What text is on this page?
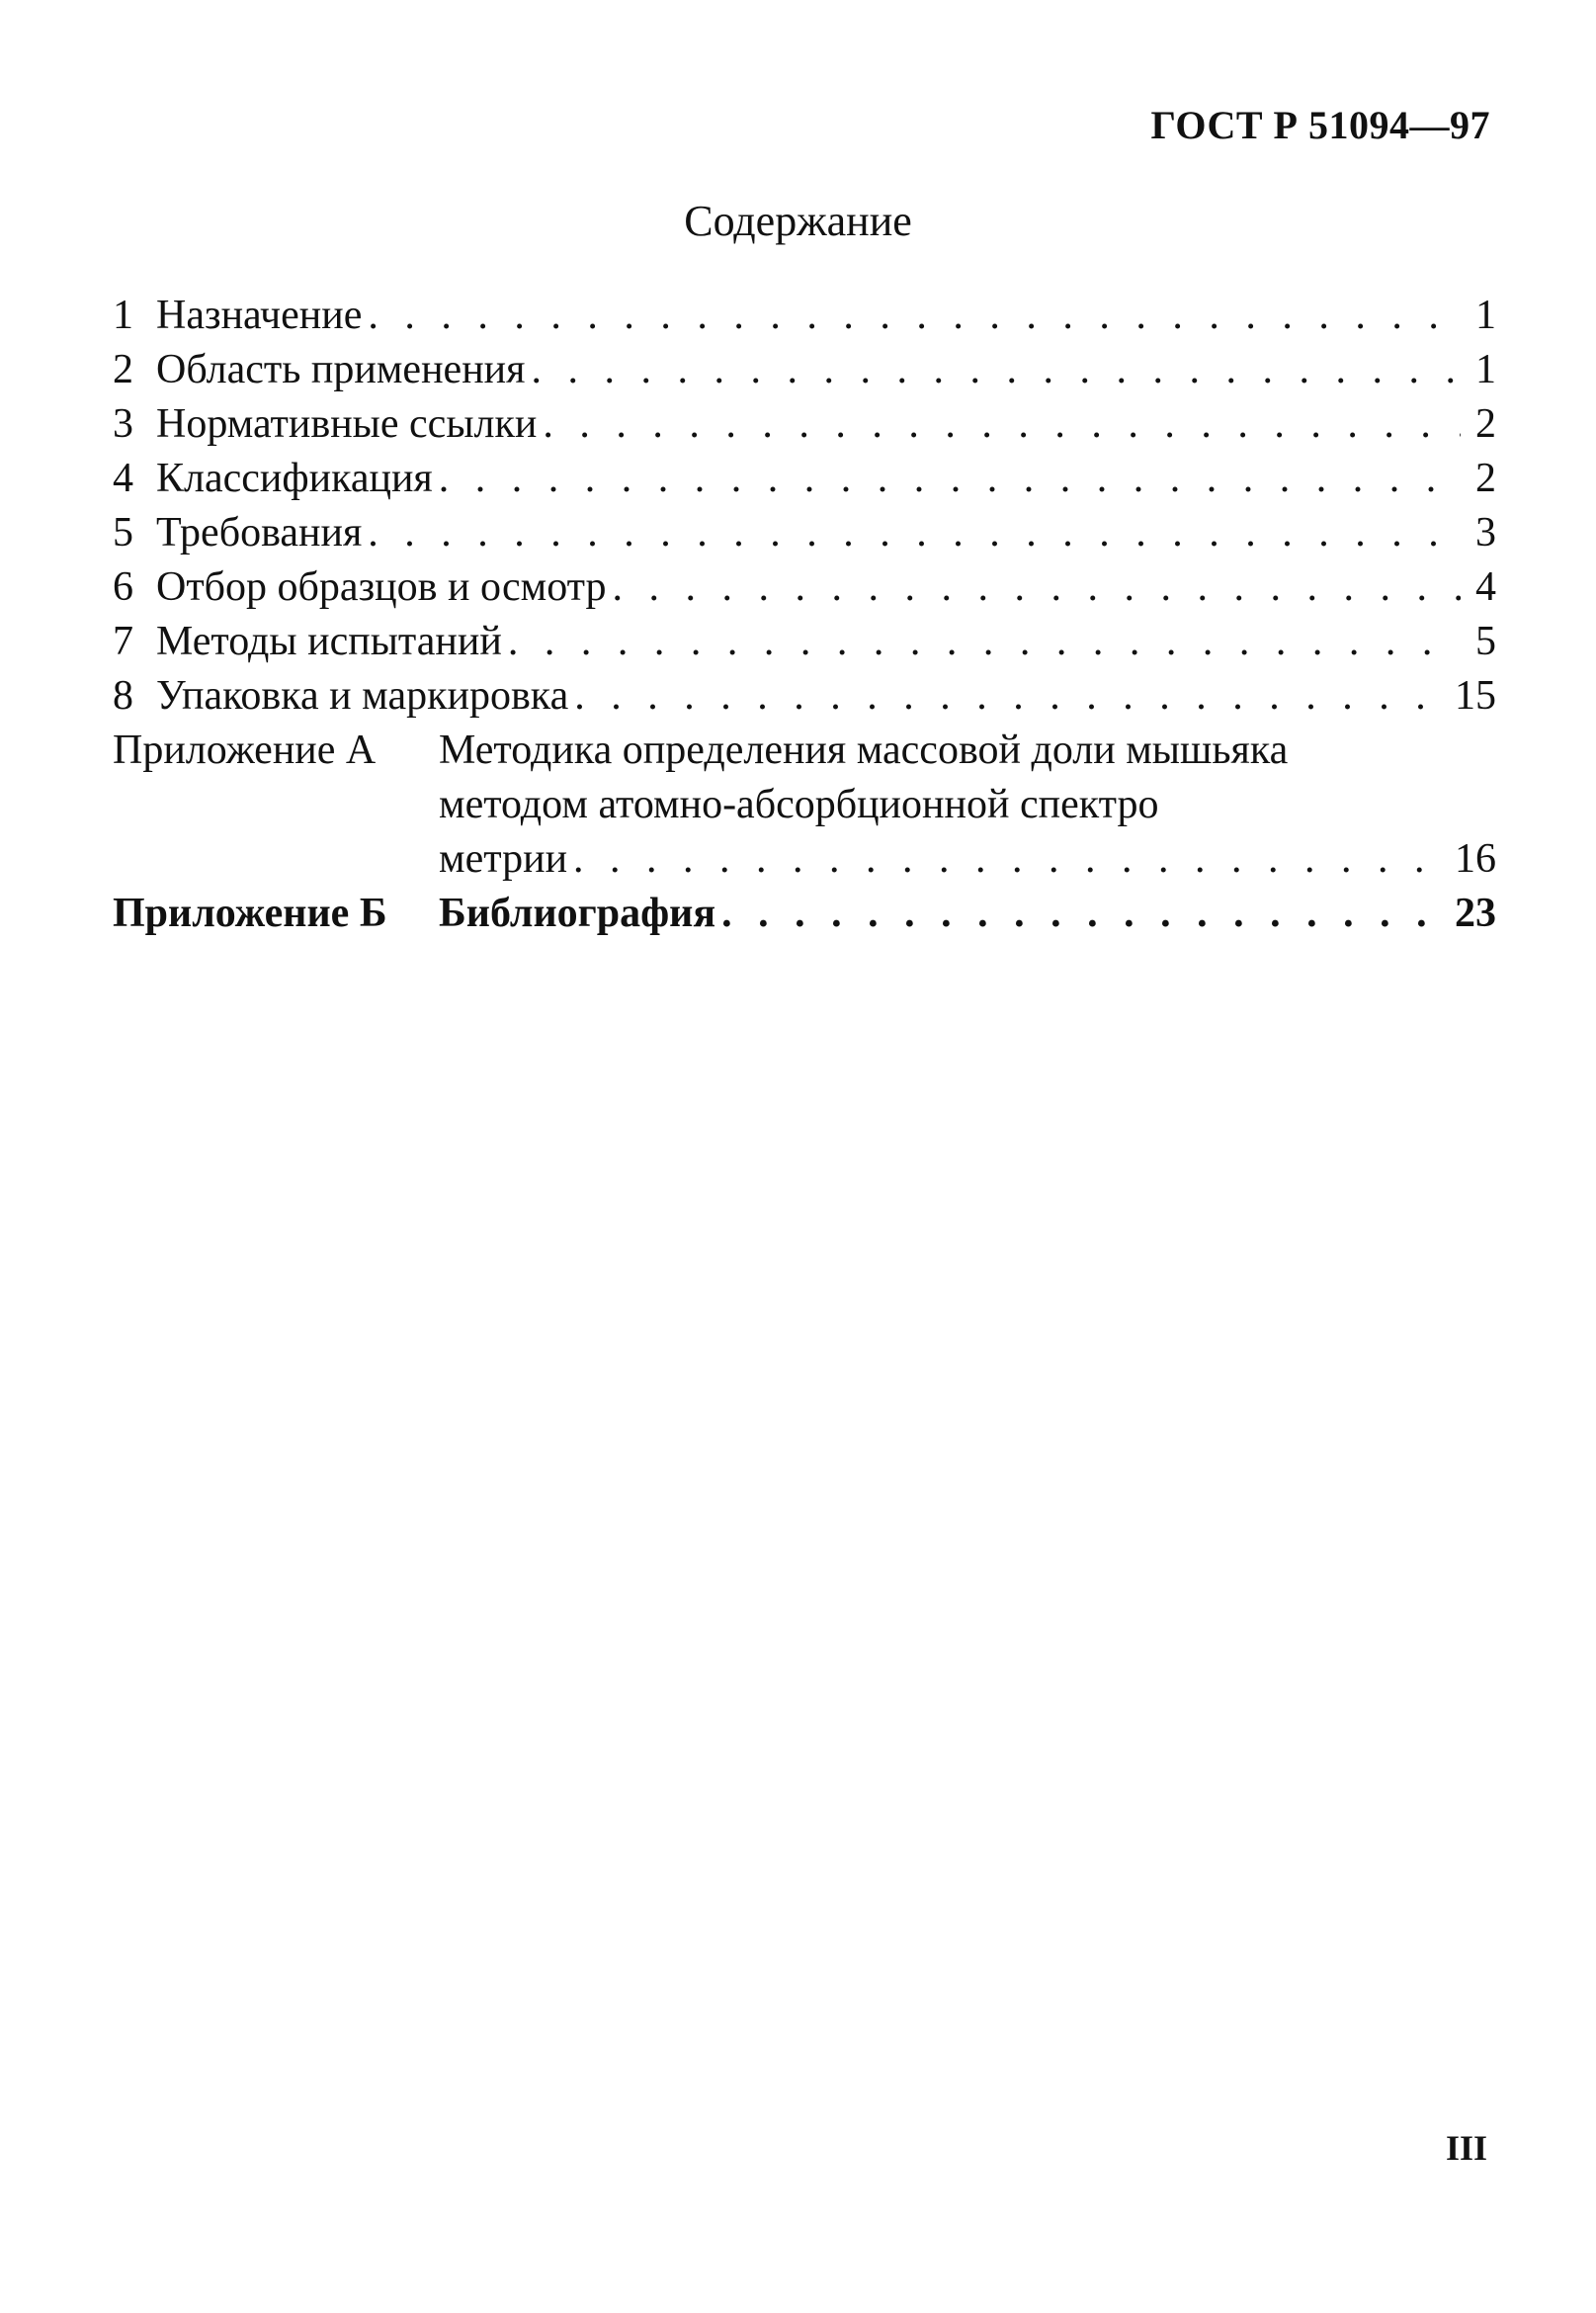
ГОСТ Р 51094—97

Содержание
1 Назначение . . .	1
2 Область применения . . .	1
3 Нормативные ссылки . . .	2
4 Классификация . . .	2
5 Требования . . .	3
6 Отбор образцов и осмотр . . .	4
7 Методы испытаний . . .	5
8 Упаковка и маркировка . . .	15
Приложение А	Методика определения массовой доли мышьяка
методом атомно-абсорбционной спектро
метрии . . .	16
Приложение Б	Библиография . . .	23

III
